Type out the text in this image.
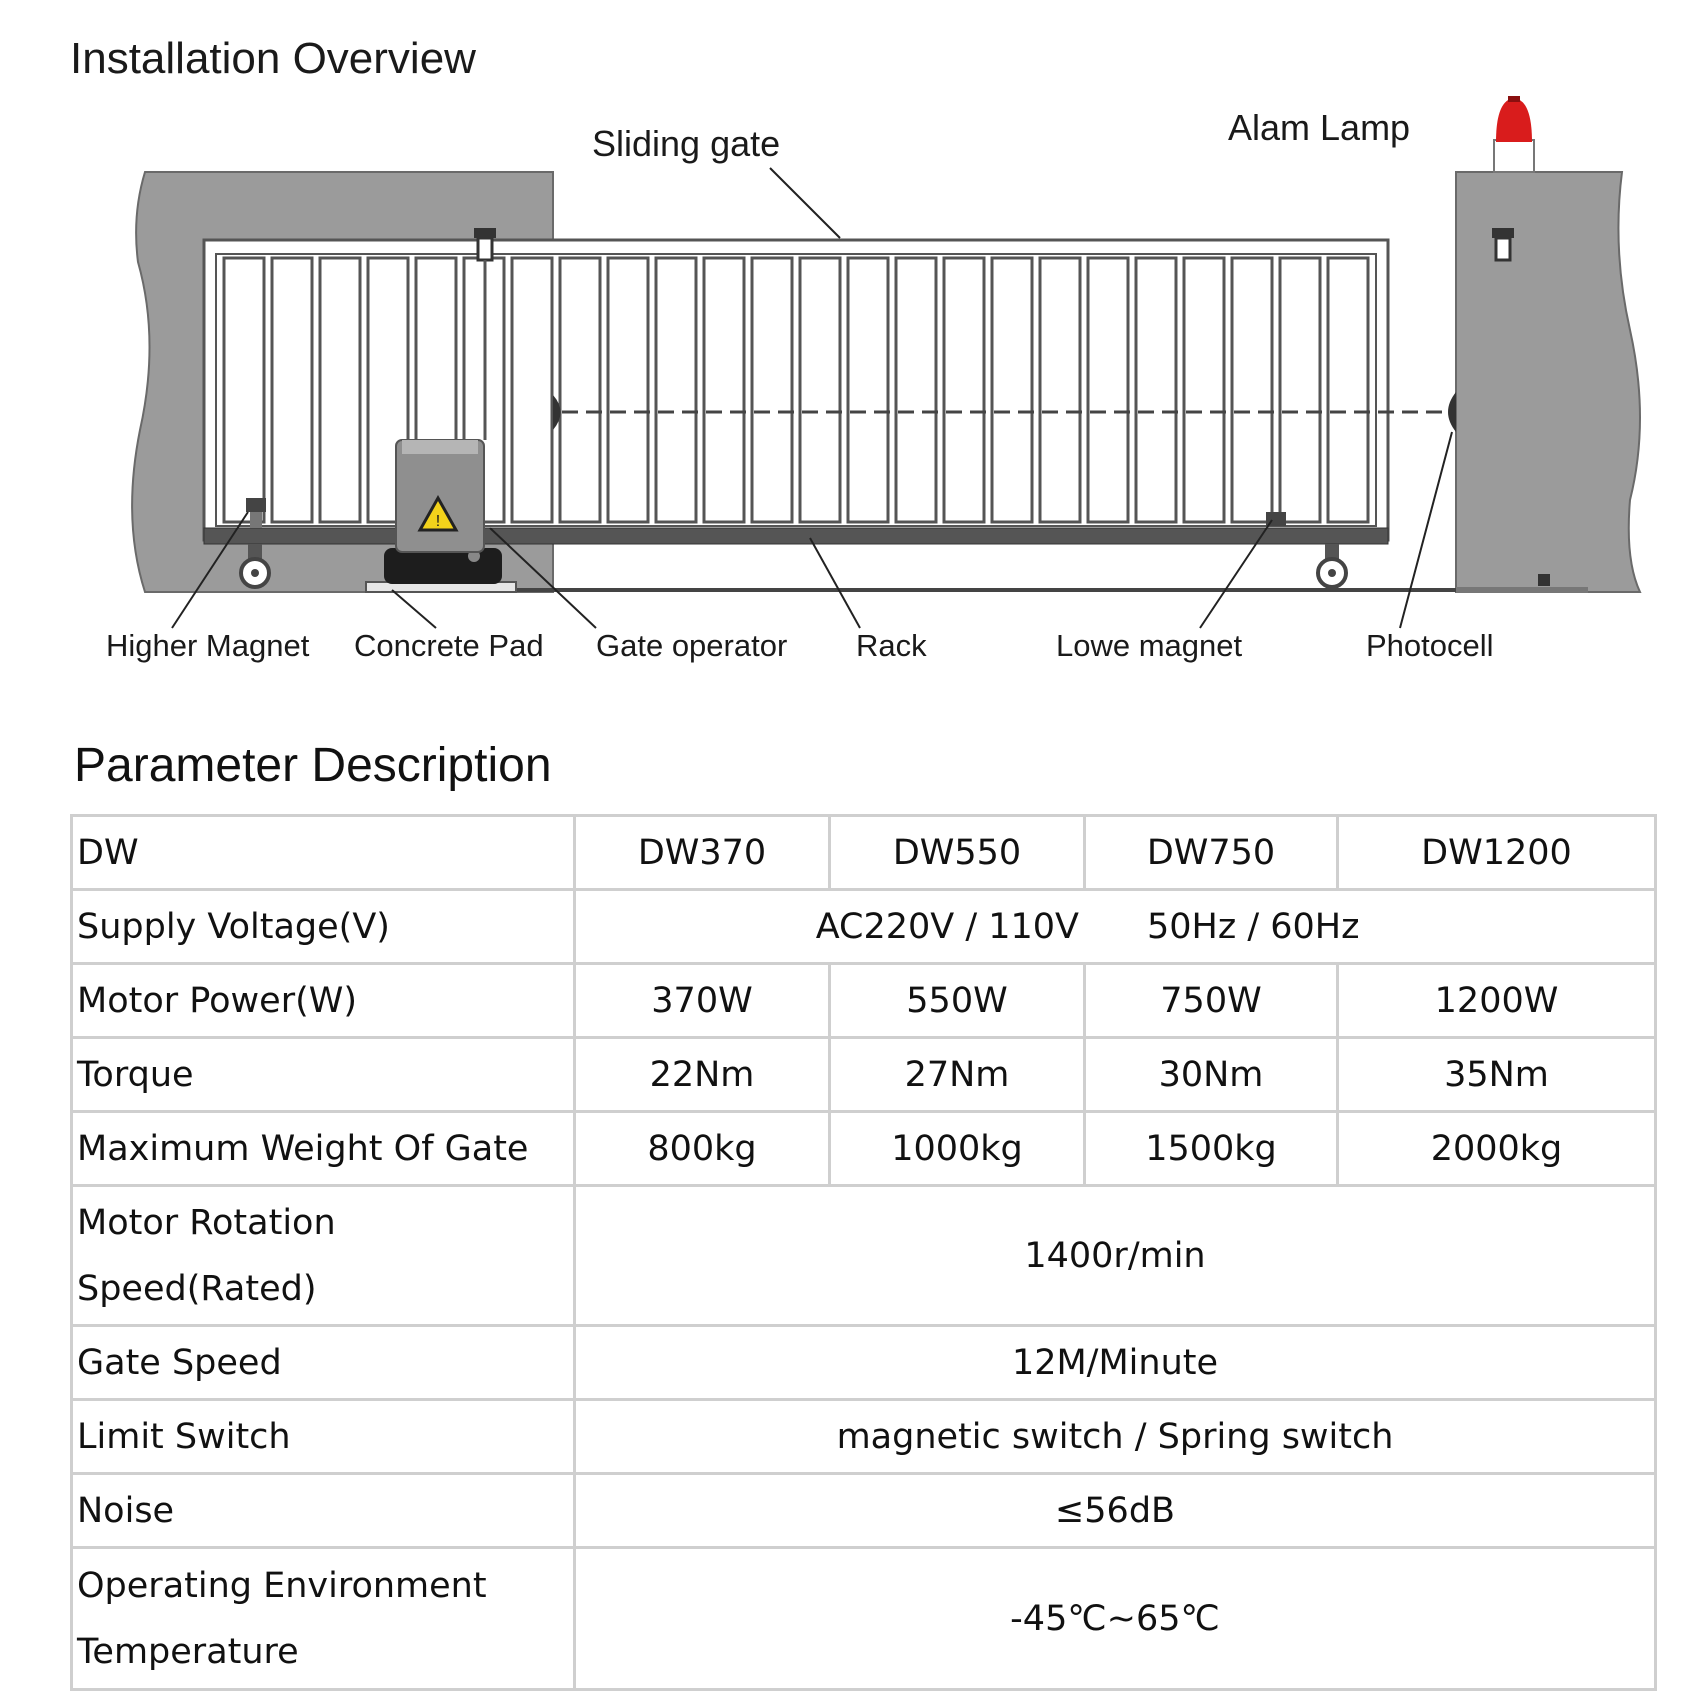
Installation Overview
!
Sliding gate	Alam Lamp
Higher Magnet Concrete Pad Gate operator Rack	Lowe magnet	Photocell
Parameter Description
DW	DW370	DW550	DW750	DW1200
Supply Voltage(V)	AC220V / 110V 50Hz / 60Hz			
Motor Power(W)	370W	550W	750W	1200W
Torque	22Nm	27Nm	30Nm	35Nm
Maximum Weight Of Gate	800kg	1000kg	1500kg	2000kg

Motor Rotation
Speed(Rated)	1400r/min			
Gate Speed	12M/Minute			
Limit Switch	magnetic switch / Spring switch			
Noise	≤56dB			

Operating Environment
Temperature	-45℃~65℃			
